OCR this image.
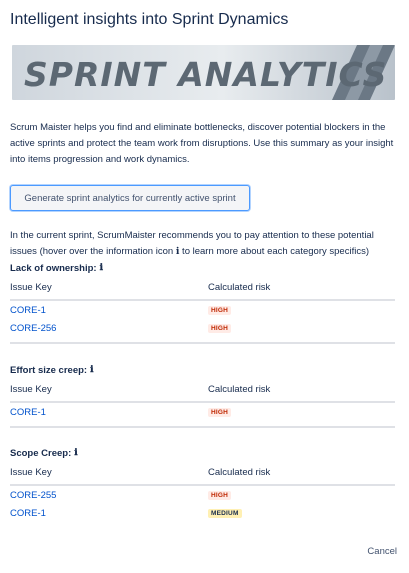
Intelligent insights into Sprint Dynamics
SPRINT ANALYTICS

Scrum Maister helps you find and eliminate bottlenecks, discover potential blockers in the active sprints and protect the team work from disruptions. Use this summary as your insight into items progression and work dynamics.

Generate sprint analytics for currently active sprint

In the current sprint, ScrumMaister recommends you to pay attention to these potential issues (hover over the information icon ℹ to learn more about each category specifics)

Lack of ownership: ℹ
Issue Key	Calculated risk
CORE-1	HIGH
CORE-256	HIGH
Effort size creep: ℹ
Issue Key	Calculated risk
CORE-1	HIGH
Scope Creep: ℹ
Issue Key	Calculated risk
CORE-255	HIGH
CORE-1	MEDIUM
Cancel
